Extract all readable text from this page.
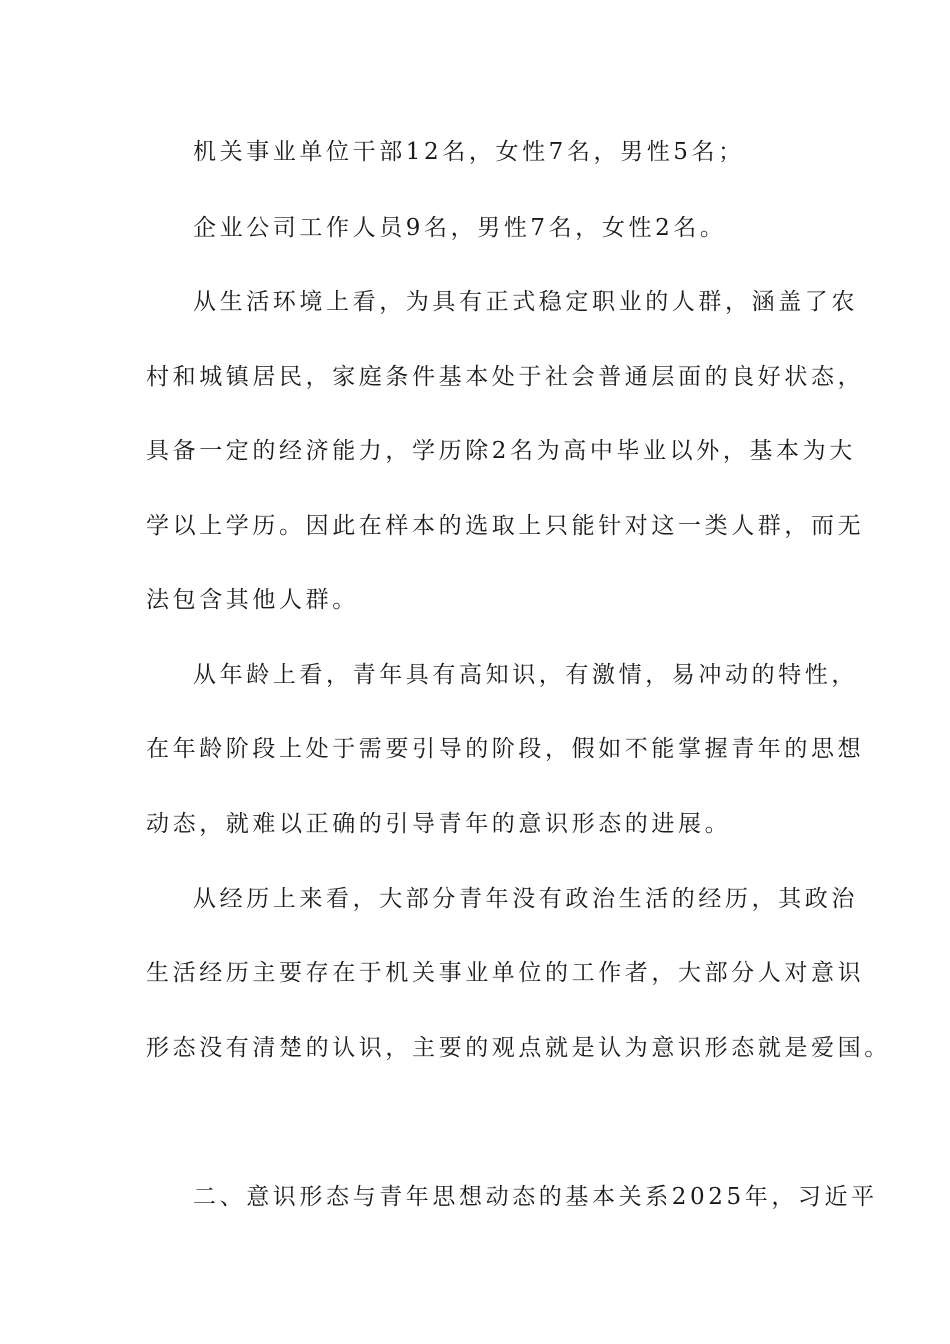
机关事业单位干部12名，女性7名，男性5名；
企业公司工作人员9名，男性7名，女性2名。
从生活环境上看，为具有正式稳定职业的人群，涵盖了农
村和城镇居民，家庭条件基本处于社会普通层面的良好状态，
具备一定的经济能力，学历除2名为高中毕业以外，基本为大
学以上学历。因此在样本的选取上只能针对这一类人群，而无
法包含其他人群。
从年龄上看，青年具有高知识，有激情，易冲动的特性，
在年龄阶段上处于需要引导的阶段，假如不能掌握青年的思想
动态，就难以正确的引导青年的意识形态的进展。
从经历上来看，大部分青年没有政治生活的经历，其政治
生活经历主要存在于机关事业单位的工作者，大部分人对意识
形态没有清楚的认识，主要的观点就是认为意识形态就是爱国。
二、意识形态与青年思想动态的基本关系2025年，习近平
